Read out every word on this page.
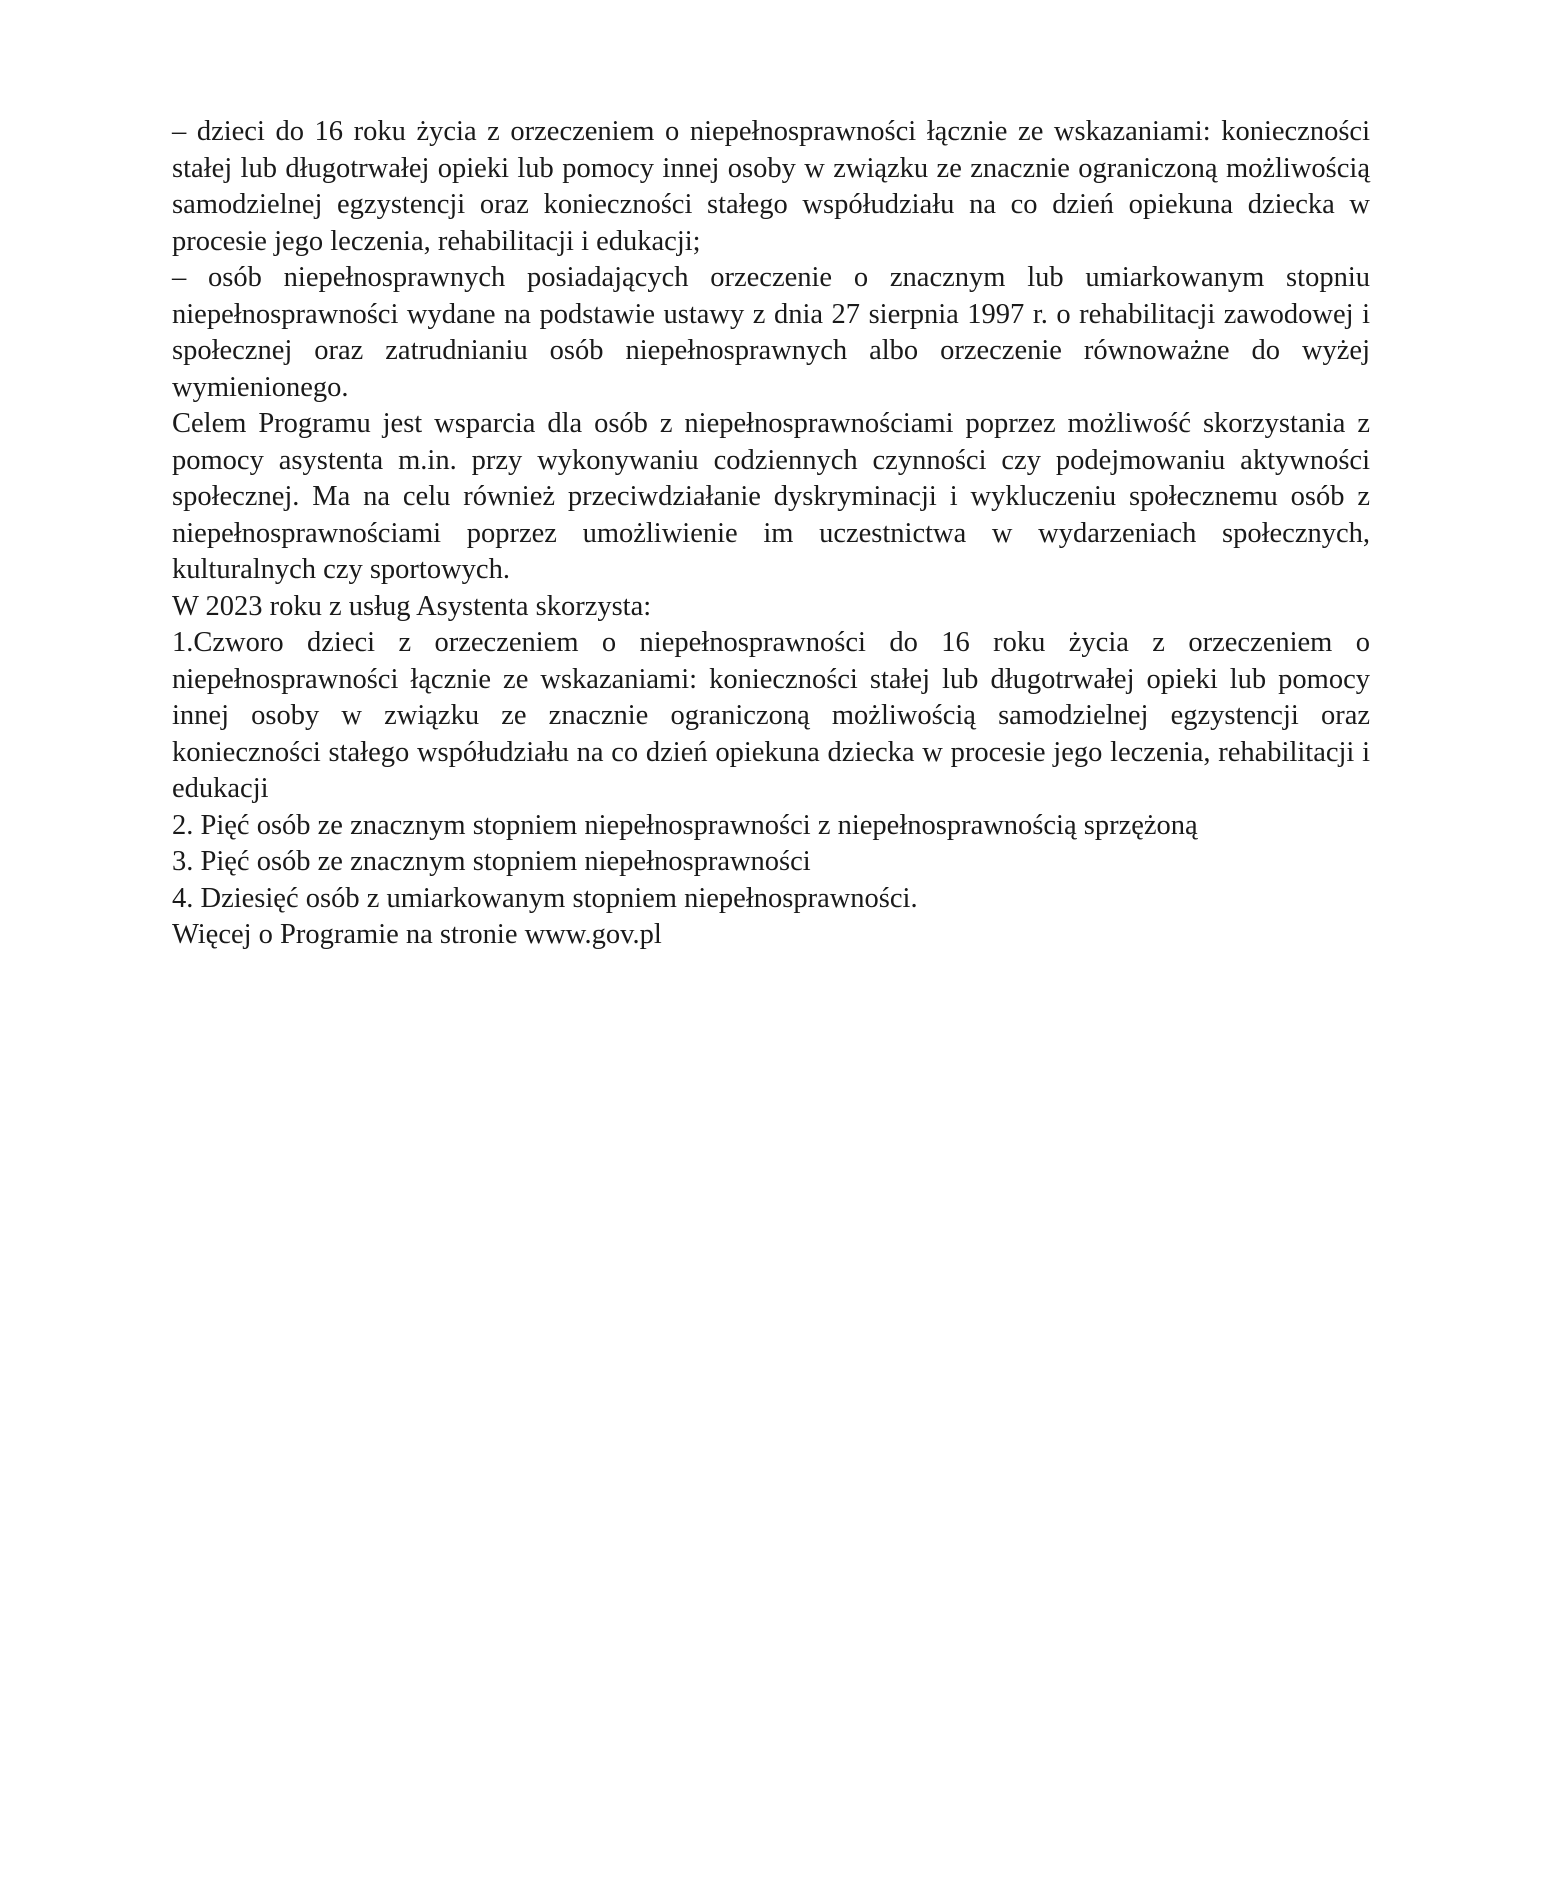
– dzieci do 16 roku życia z orzeczeniem o niepełnosprawności łącznie ze wskazaniami: konieczności stałej lub długotrwałej opieki lub pomocy innej osoby w związku ze znacznie ograniczoną możliwością samodzielnej egzystencji oraz konieczności stałego współudziału na co dzień opiekuna dziecka w procesie jego leczenia, rehabilitacji i edukacji;

– osób niepełnosprawnych posiadających orzeczenie o znacznym lub umiarkowanym stopniu niepełnosprawności wydane na podstawie ustawy z dnia 27 sierpnia 1997 r. o rehabilitacji zawodowej i społecznej oraz zatrudnianiu osób niepełnosprawnych albo orzeczenie równoważne do wyżej wymienionego.

Celem Programu jest wsparcia dla osób z niepełnosprawnościami poprzez możliwość skorzystania z pomocy asystenta m.in. przy wykonywaniu codziennych czynności czy podejmowaniu aktywności społecznej. Ma na celu również przeciwdziałanie dyskryminacji i wykluczeniu społecznemu osób z niepełnosprawnościami poprzez umożliwienie im uczestnictwa w wydarzeniach społecznych, kulturalnych czy sportowych.

W 2023 roku z usług Asystenta skorzysta:

1.Czworo dzieci z orzeczeniem o niepełnosprawności do 16 roku życia z orzeczeniem o niepełnosprawności łącznie ze wskazaniami: konieczności stałej lub długotrwałej opieki lub pomocy innej osoby w związku ze znacznie ograniczoną możliwością samodzielnej egzystencji oraz konieczności stałego współudziału na co dzień opiekuna dziecka w procesie jego leczenia, rehabilitacji i edukacji

2. Pięć osób ze znacznym stopniem niepełnosprawności z niepełnosprawnością sprzężoną

3. Pięć osób ze znacznym stopniem niepełnosprawności

4. Dziesięć osób z umiarkowanym stopniem niepełnosprawności.

Więcej o Programie na stronie www.gov.pl
